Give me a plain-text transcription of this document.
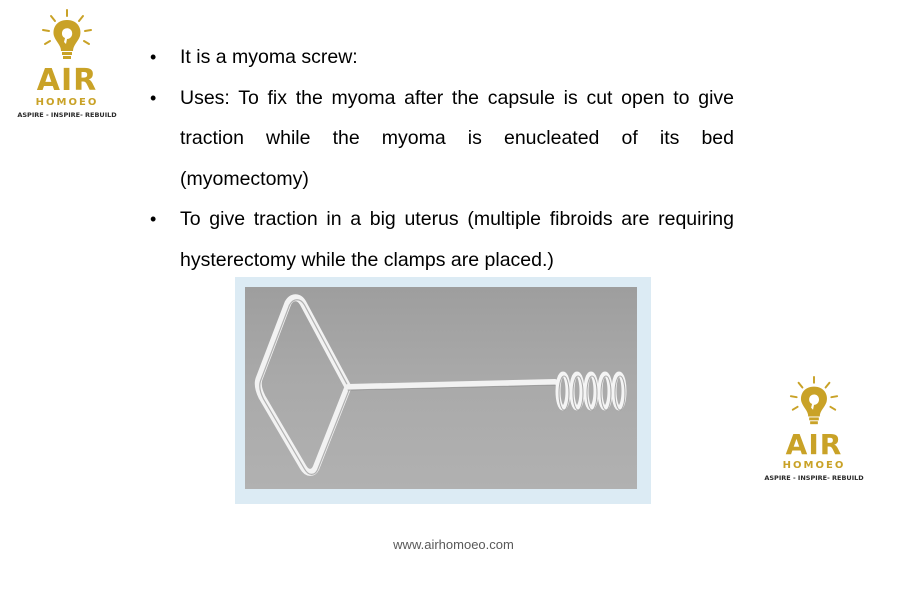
AIR
HOMOEO
ASPIRE - INSPIRE- REBUILD
• It is a myoma screw:
• Uses: To fix the myoma after the capsule is cut open to give traction while the myoma is enucleated of its bed (myomectomy)
• To give traction in a big uterus (multiple fibroids are requiring hysterectomy while the clamps are placed.)
AIR
HOMOEO
ASPIRE - INSPIRE- REBUILD
www.airhomoeo.com
